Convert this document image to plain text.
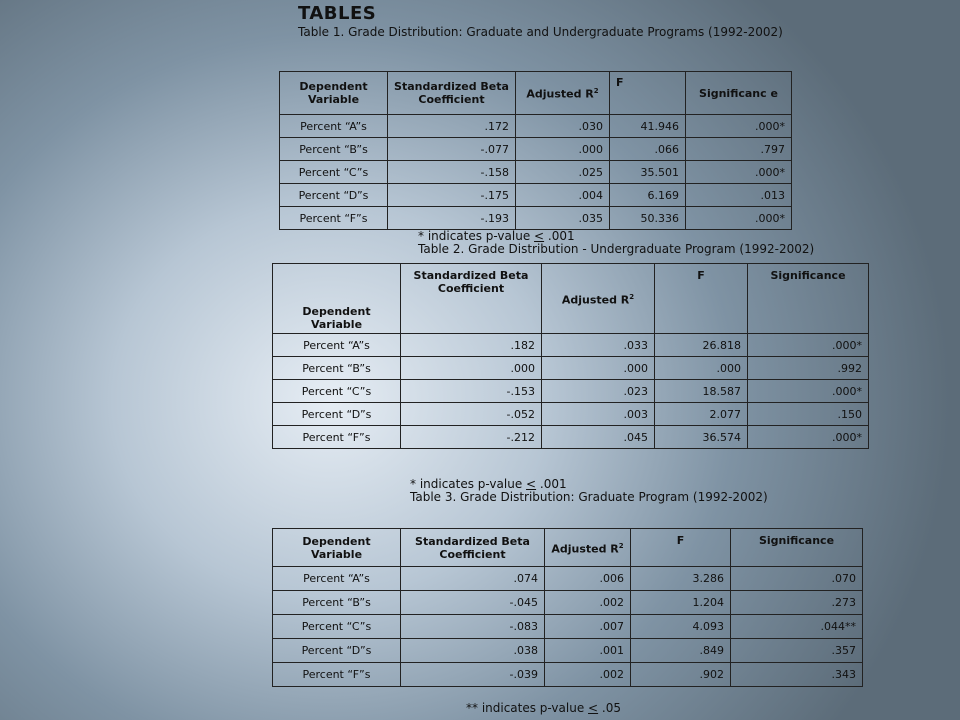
TABLES
Table 1. Grade Distribution: Graduate and Undergraduate Programs (1992-2002)
Dependent Variable	Standardized Beta Coefficient	Adjusted $R^2$	F	Significanc e
Percent “A”s	.172	.030	41.946	.000*
Percent “B”s	-.077	.000	.066	.797
Percent “C”s	-.158	.025	35.501	.000*
Percent “D”s	-.175	.004	6.169	.013
Percent “F”s	-.193	.035	50.336	.000*
* indicates p-value < .001
Table 2. Grade Distribution - Undergraduate Program (1992-2002)
Dependent Variable	Standardized Beta Coefficient	Adjusted $R^2$	F	Significance
Percent “A”s	.182	.033	26.818	.000*
Percent “B”s	.000	.000	.000	.992
Percent “C”s	-.153	.023	18.587	.000*
Percent “D”s	-.052	.003	2.077	.150
Percent “F”s	-.212	.045	36.574	.000*
* indicates p-value < .001
Table 3. Grade Distribution: Graduate Program (1992-2002)
Dependent Variable	Standardized Beta Coefficient	Adjusted $R^2$	F	Significance
Percent “A”s	.074	.006	3.286	.070
Percent “B”s	-.045	.002	1.204	.273
Percent “C”s	-.083	.007	4.093	.044**
Percent “D”s	.038	.001	.849	.357
Percent “F”s	-.039	.002	.902	.343
** indicates p-value < .05
